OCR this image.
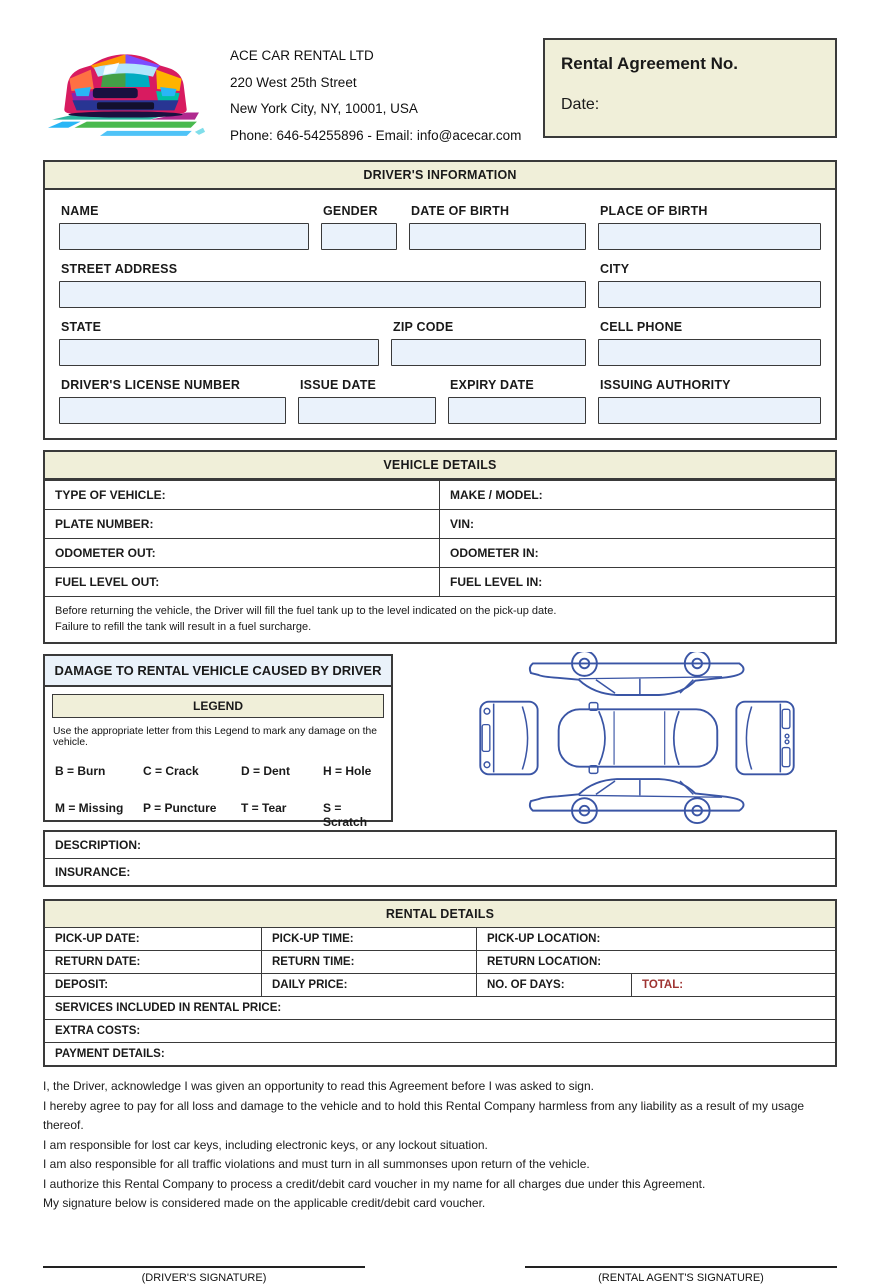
ACE CAR RENTAL LTD
220 West 25th Street
New York City, NY, 10001, USA
Phone: 646-54255896 - Email: info@acecar.com
Rental Agreement No.
Date:
DRIVER'S INFORMATION
NAME	GENDER	DATE OF BIRTH	PLACE OF BIRTH
STREET ADDRESS	CITY
STATE	ZIP CODE	CELL PHONE
DRIVER'S LICENSE NUMBER	ISSUE DATE	EXPIRY DATE	ISSUING AUTHORITY
VEHICLE DETAILS
TYPE OF VEHICLE:	MAKE / MODEL:
PLATE NUMBER:	VIN:
ODOMETER OUT:	ODOMETER IN:
FUEL LEVEL OUT:	FUEL LEVEL IN:
Before returning the vehicle, the Driver will fill the fuel tank up to the level indicated on the pick-up date.
Failure to refill the tank will result in a fuel surcharge.
DAMAGE TO RENTAL VEHICLE CAUSED BY DRIVER
LEGEND
Use the appropriate letter from this Legend to mark any damage on the vehicle.
B = Burn	C = Crack	D = Dent	H = Hole
M = Missing	P = Puncture	T = Tear	S = Scratch
DESCRIPTION:
INSURANCE:
RENTAL DETAILS
PICK-UP DATE:	PICK-UP TIME:	PICK-UP LOCATION:
RETURN DATE:	RETURN TIME:	RETURN LOCATION:
DEPOSIT:	DAILY PRICE:	NO. OF DAYS:	TOTAL:
SERVICES INCLUDED IN RENTAL PRICE:
EXTRA COSTS:
PAYMENT DETAILS:

I, the Driver, acknowledge I was given an opportunity to read this Agreement before I was asked to sign.

I hereby agree to pay for all loss and damage to the vehicle and to hold this Rental Company harmless from any liability as a result of my usage thereof.

I am responsible for lost car keys, including electronic keys, or any lockout situation.

I am also responsible for all traffic violations and must turn in all summonses upon return of the vehicle.

I authorize this Rental Company to process a credit/debit card voucher in my name for all charges due under this Agreement.

My signature below is considered made on the applicable credit/debit card voucher.

(DRIVER'S SIGNATURE)	(RENTAL AGENT'S SIGNATURE)
